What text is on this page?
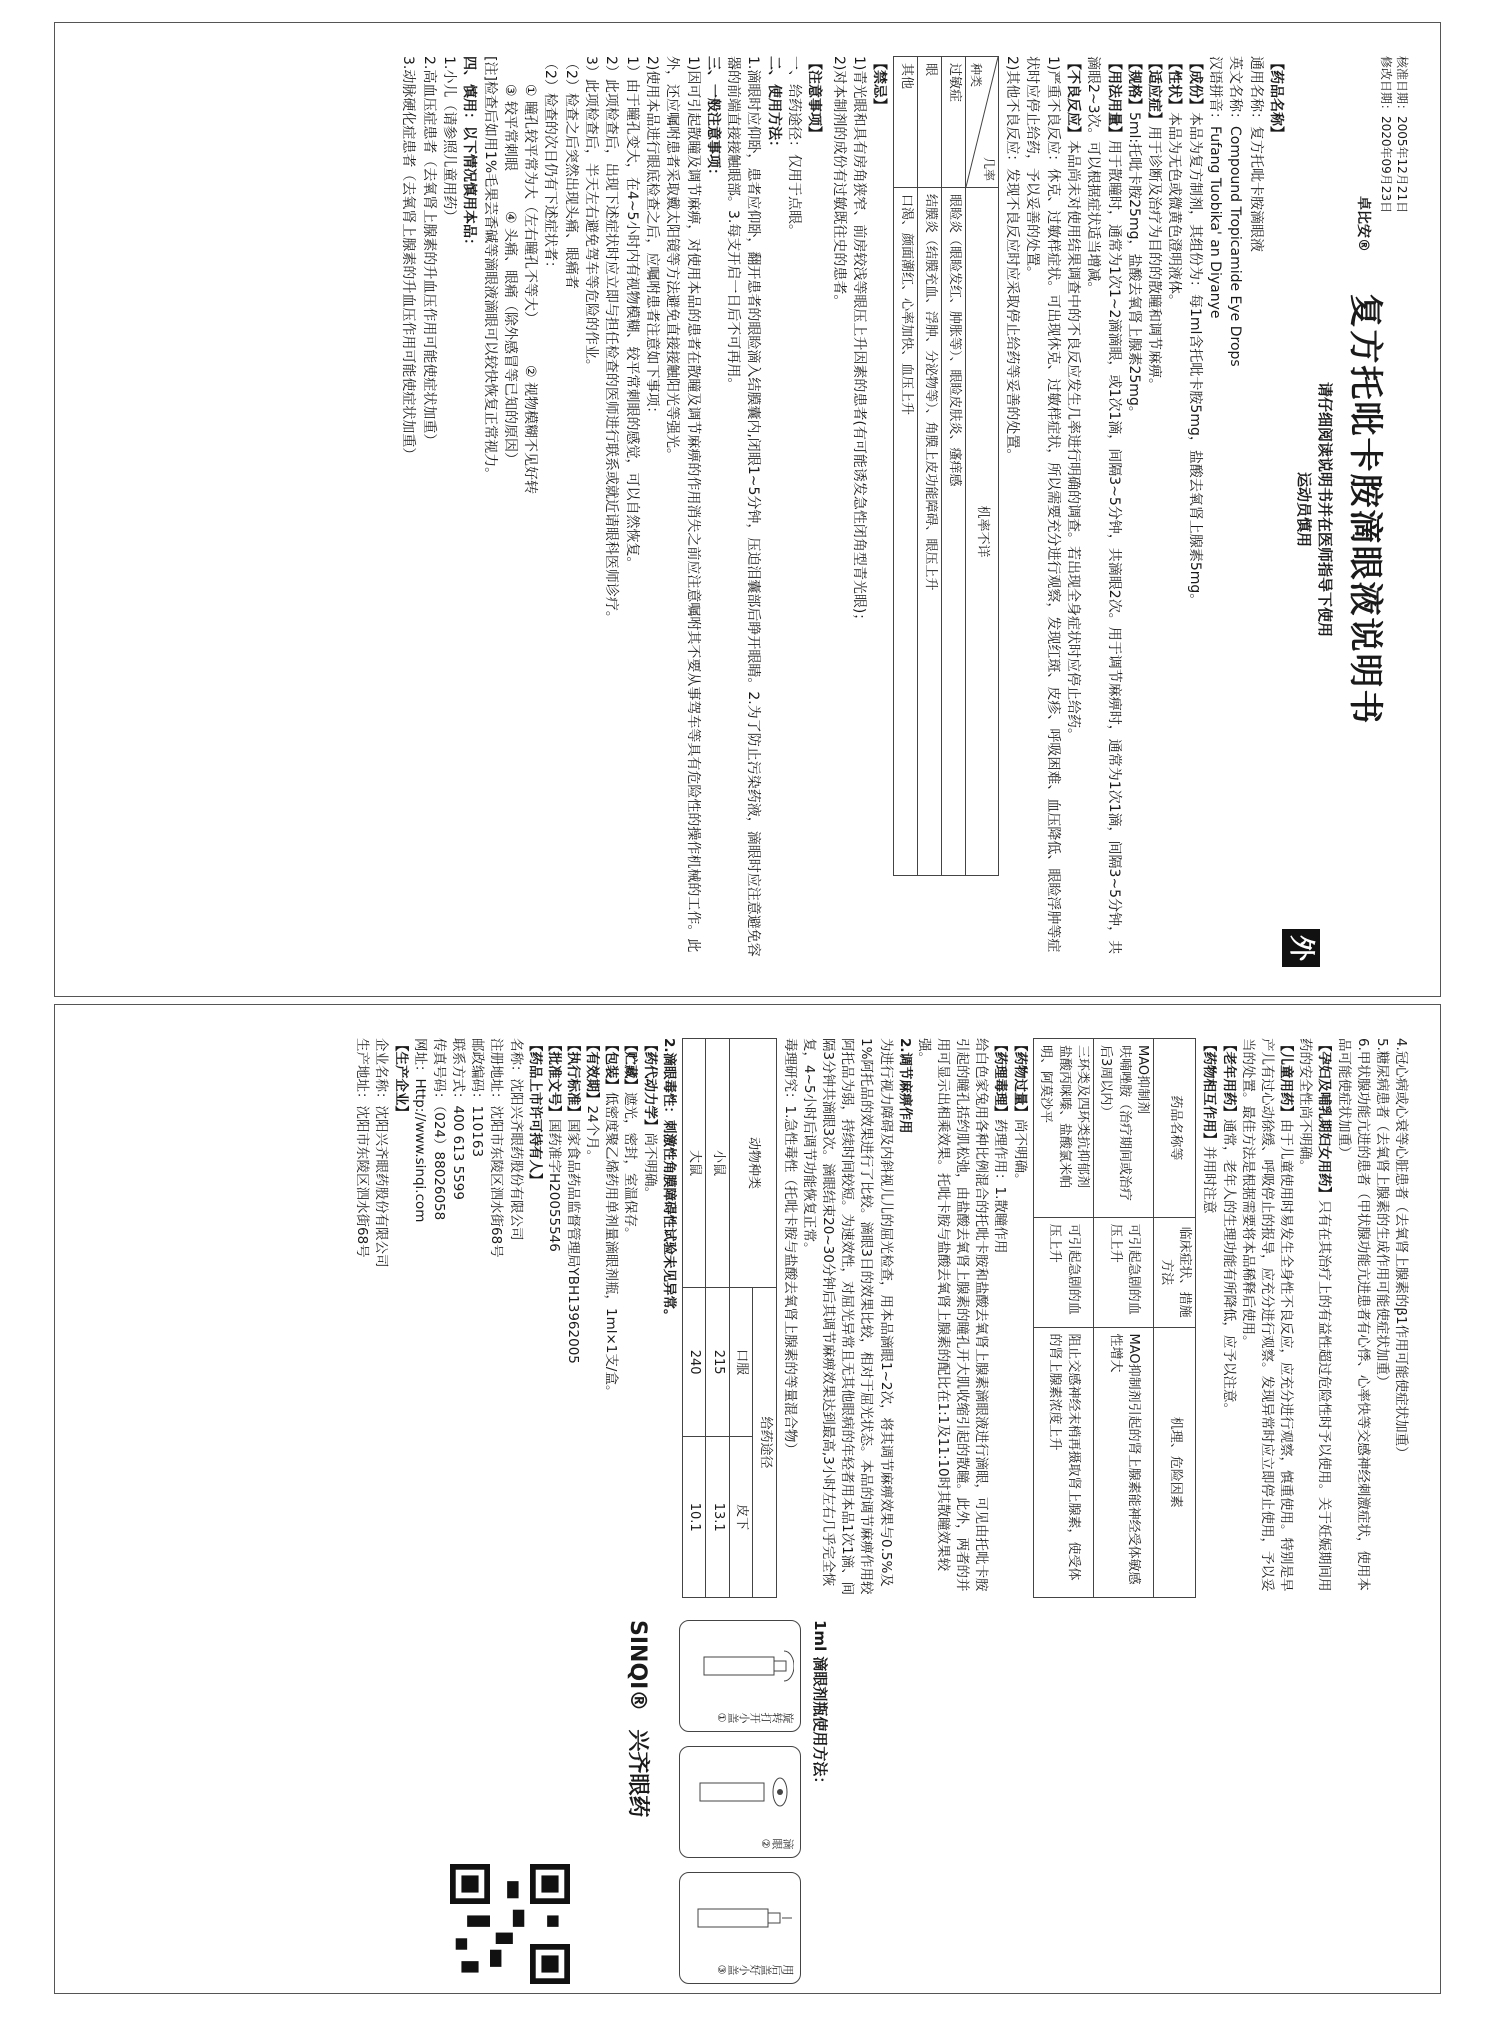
核准日期：2005年12月21日

修改日期：2020年09月23日

卓比安®

复方托吡卡胺滴眼液说明书
请仔细阅读说明书并在医师指导下使用
运动员慎用
外

【药品名称】

通用名称：复方托吡卡胺滴眼液

英文名称：Compound Tropicamide Eye Drops

汉语拼音：Fufang Tuobika' an Diyanye

【成份】本品为复方制剂，其组份为：每1ml含托吡卡胺5mg，盐酸去氧肾上腺素5mg。

【性状】本品为无色或微黄色澄明液体。

【适应症】用于诊断及治疗为目的的散瞳和调节麻痹。

【规格】5ml:托吡卡胺25mg，盐酸去氧肾上腺素25mg。

【用法用量】用于散瞳时，通常为1次1~2滴滴眼，或1次1滴，间隔3~5分钟，共滴眼2次。用于调节麻痹时，通常为1次1滴，间隔3~5分钟，共滴眼2~3次。可以根据症状适当增减。

【不良反应】本品尚未对使用结果调查中的不良反应发生几率进行明确的调查。若出现全身症状时应停止给药。

1)严重不良反应：休克、过敏样症状。可出现休克、过敏样症状，所以需要充分进行观察，发现红斑、皮疹、呼吸困难、血压降低、眼睑浮肿等症状时应停止给药，予以妥善的处置。

2)其他不良反应：发现不良反应时应采取停止给药等妥善的处置。

几率
种类	机率不详
过敏症	眼睑炎（眼睑发红、肿胀等）、眼睑皮肤炎、瘙痒感
眼	结膜炎（结膜充血、浮肿、分泌物等）、角膜上皮功能障碍、眼压上升
其他	口渴、颜面潮红、心率加快、血压上升

【禁忌】

1)青光眼和具有房角狭窄、前房较浅等眼压上升因素的患者(有可能诱发急性闭角型青光眼)；

2)对本制剂的成份有过敏既往史的患者。

【注意事项】

一、给药途径：仅用于点眼。

二、使用方法：

1.滴眼时应仰卧，患者应仰卧，翻开患者的眼睑滴入结膜囊内,闭眼1~5分钟，压迫泪囊部后睁开眼睛。2.为了防止污染药液，滴眼时应注意避免容器的前端直接接触眼部。3.每支开启一日后不可再用。

三、一般注意事项：

1)因可引起散瞳及调节麻痹，对使用本品的患者在散瞳及调节麻痹的作用消失之前应注意嘱咐其不要从事驾车等具有危险性的操作机械的工作。此外，还应嘱咐患者采取戴太阳镜等方法避免直接接触阳光等强光。

2)使用本品进行眼底检查之后，应嘱咐患者注意如下事项：

1）由于瞳孔变大，在4~5小时内有视物模糊、较平常刺眼的感觉，可以自然恢复。

2）此项检查后，出现下述症状时应立即与担任检查的医师进行联系或就近请眼科医师诊疗。

3）此项检查后，半天左右避免驾车等危险的作业。

（2）检查之后突然出现头痛、眼痛者

（2）检查的次日仍有下述症状者：

① 瞳孔较平常为大（左右瞳孔不等大）
② 视物模糊不见好转

③ 较平常刺眼
④ 头痛、眼痛（除外感冒等已知的原因）

[注]检查后如用1%毛果芸香碱等滴眼液滴眼可以较快恢复正常视力。

四、慎用：以下情况慎用本品：

1.小儿（请参照儿童用药）

2.高血压症患者（去氧肾上腺素的升血压作用可能使症状加重）

3.动脉硬化症患者（去氧肾上腺素的升血压作用可能使症状加重）

4.冠心病或心衰等心脏患者（去氧肾上腺素的β1作用可能使症状加重）

5.糖尿病患者（去氧肾上腺素的生成作用可能使症状加重）

6.甲状腺功能亢进的患者（甲状腺功能亢进患者有心悸、心率快等交感神经刺激症状，使用本品可能使症状加重）

【孕妇及哺乳期妇女用药】只有在其治疗上的有益性超过危险性时予以使用。关于妊娠期间用药的安全性尚不明确。

【儿童用药】由于儿童使用时易发生全身性不良反应，应充分进行观察，慎重使用。特别是早产儿有过心动徐缓、呼吸停止的报导，应充分进行观察。发现异常时应立即停止使用，予以妥当的处置。最佳方法是根据需要将本品稀释后使用。

【老年用药】通常，老年人的生理功能有所降低，应予以注意。

【药物相互作用】并用时注意

药品名称等	临床症状、措施方法	机理、危险因素
MAO抑制剂
呋喃唑胺（治疗期间或治疗后3周以内）	可引起急剧的血压上升	MAO抑制剂引起的肾上腺素能神经受体敏感性增大
三环类及四环类抗抑郁剂
盐酸丙咪嗪、盐酸氯米帕明、阿莫沙平	可引起急剧的血压上升	阻止交感神经末梢再摄取肾上腺素，使受体的肾上腺素浓度上升

【药物过量】尚不明确。

【药理毒理】药理作用：1.散瞳作用

给白色家兔用各种比例混合的托吡卡胺和盐酸去氧肾上腺素滴眼液进行滴眼，可见由托吡卡胺引起的瞳孔括约肌松弛，由盐酸去氧肾上腺素的瞳孔开大肌收缩引起的散瞳。此外，两者的并用可显示出相乘效果。托吡卡胺与盐酸去氧肾上腺素的配比在1:1及11:10时其散瞳效果较强。

2.调节麻痹作用

为进行视力障碍及内斜视儿儿的屈光检查，用本品滴眼1~2次，将其调节麻痹效果与0.5%及1%阿托品的效果进行了比较。滴眼3日的效果比较，相对于屈光状态。本品的调节麻痹作用较阿托品为弱，持续时间较短。为速效性，对屈光异常且无其他眼病的年轻者用本品1次1滴、间隔3分钟共滴眼3次。滴眼结束20~30分钟后其调节麻痹效果达到最高,3小时左右几乎完全恢复，4~5小时后调节功能恢复正常。

毒理研究：1.急性毒性（托吡卡胺与盐酸去氧肾上腺素的等量混合物）

动物种类	给药途径	
	口服	皮下
小鼠	215	13.1
大鼠	240	10.1

2.滴眼毒性：刺激性角膜障碍性试验未见异常。

【药代动力学】尚不明确。

【贮藏】遮光，密封，室温保存。

【包装】低密度聚乙烯药用单剂量滴眼剂瓶，1ml×1支/盒。

【有效期】24个月。

【执行标准】国家食品药品监督管理局YBH13962005

【批准文号】国药准字H20055546

【药品上市许可持有人】

名称：沈阳兴齐眼药股份有限公司

注册地址：沈阳市东陵区泗水街68号

邮政编码：110163

联系方式：400 613 5599

传真号码：（024）88026058

网址：Http://www.sinqi.com

【生产企业】

企业名称：沈阳兴齐眼药股份有限公司

生产地址：沈阳市东陵区泗水街68号

1ml 滴眼剂瓶使用方法：
旋转打开小盖①
滴眼②
用后盖好小盖③
SINQI®
兴齐眼药
